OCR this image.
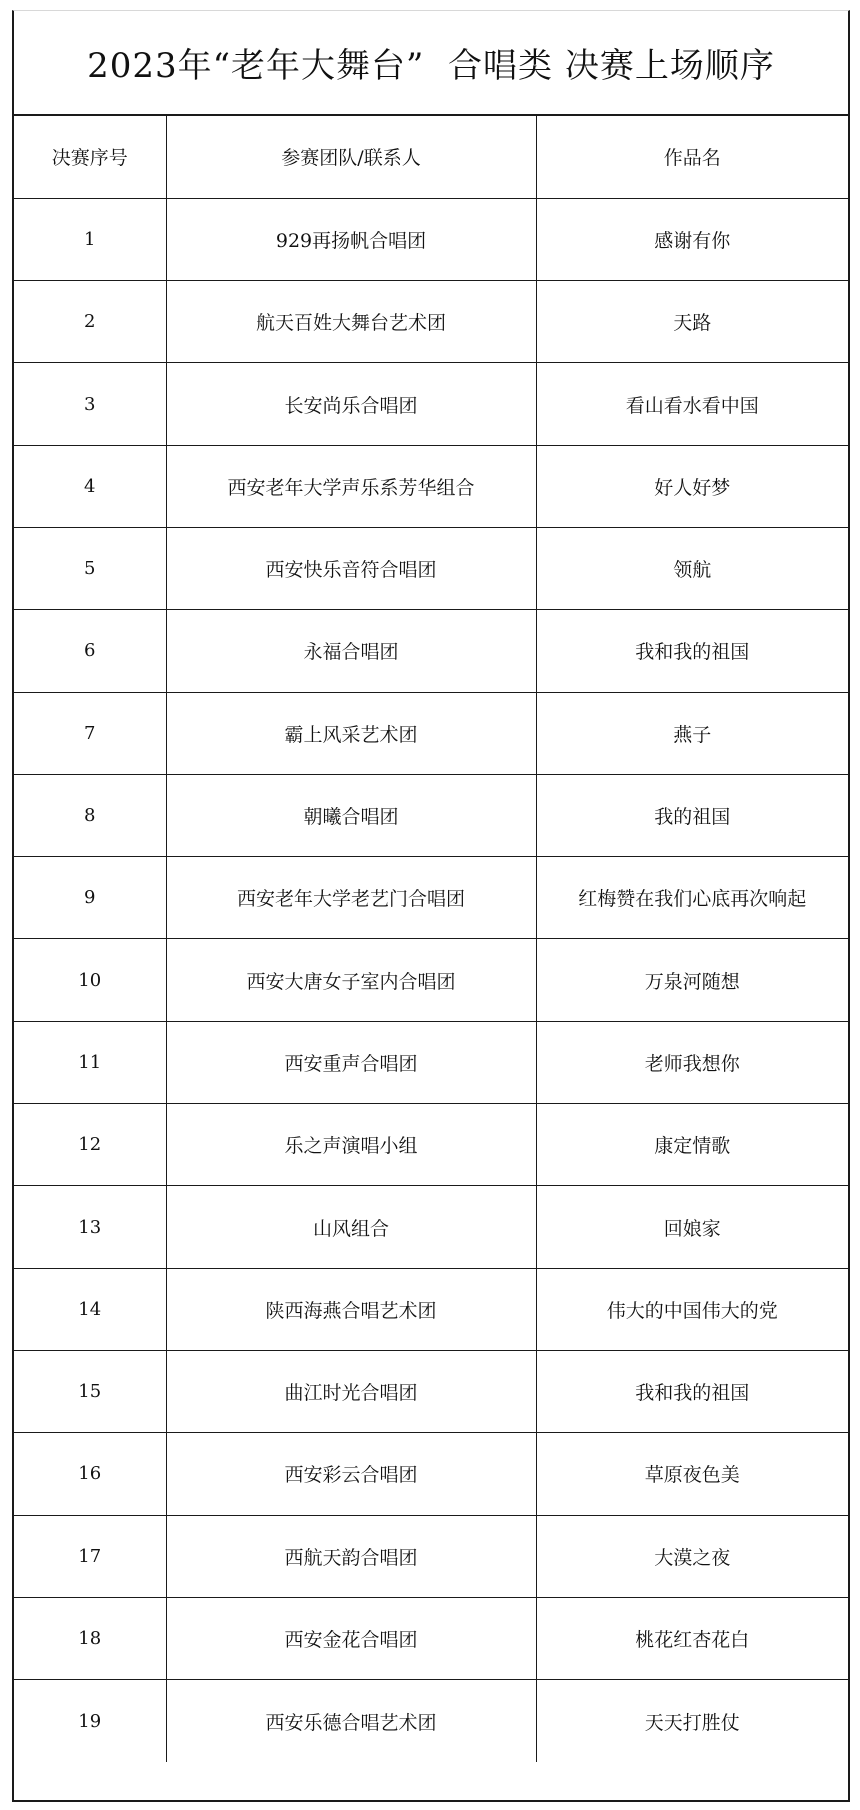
2023年“老年大舞台”  合唱类 决赛上场顺序
决赛序号	参赛团队/联系人	作品名
1	929再扬帆合唱团	感谢有你
2	航天百姓大舞台艺术团	天路
3	长安尚乐合唱团	看山看水看中国
4	西安老年大学声乐系芳华组合	好人好梦
5	西安快乐音符合唱团	领航
6	永福合唱团	我和我的祖国
7	霸上风采艺术团	燕子
8	朝曦合唱团	我的祖国
9	西安老年大学老艺门合唱团	红梅赞在我们心底再次响起
10	西安大唐女子室内合唱团	万泉河随想
11	西安重声合唱团	老师我想你
12	乐之声演唱小组	康定情歌
13	山风组合	回娘家
14	陕西海燕合唱艺术团	伟大的中国伟大的党
15	曲江时光合唱团	我和我的祖国
16	西安彩云合唱团	草原夜色美
17	西航天韵合唱团	大漠之夜
18	西安金花合唱团	桃花红杏花白
19	西安乐德合唱艺术团	天天打胜仗
